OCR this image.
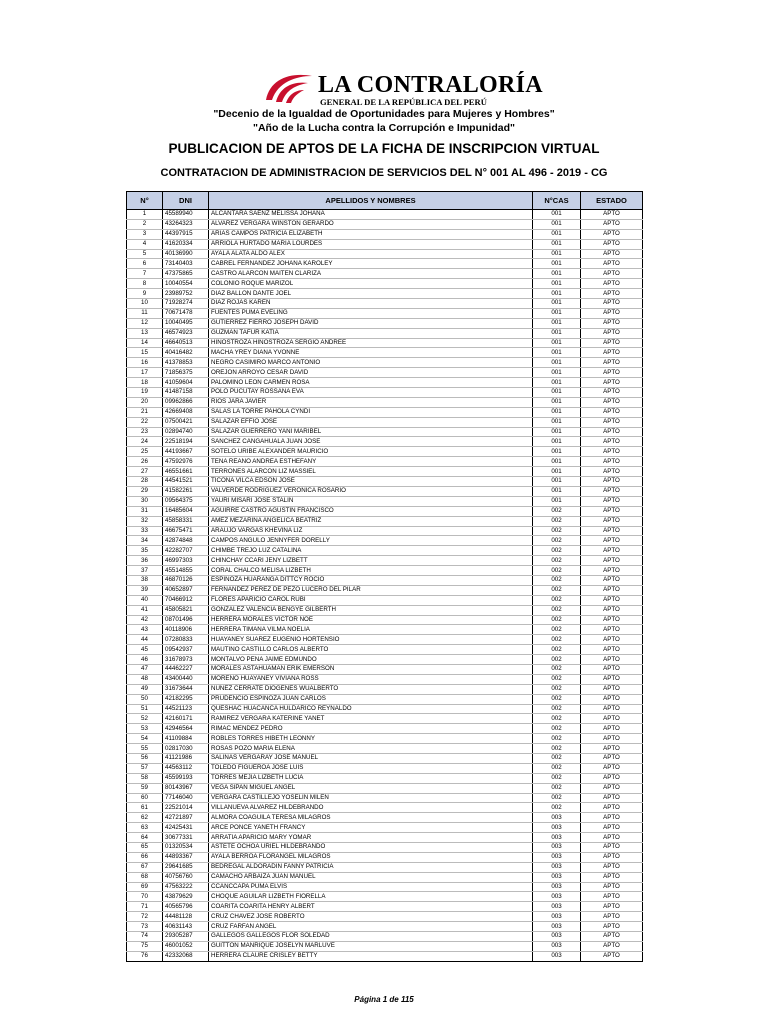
LA CONTRALORÍA
GENERAL DE LA REPÚBLICA DEL PERÚ
"Decenio de la Igualdad de Oportunidades para Mujeres y Hombres"
"Año de la Lucha contra la Corrupción e Impunidad"
PUBLICACION DE APTOS DE LA FICHA DE INSCRIPCION VIRTUAL
CONTRATACION DE ADMINISTRACION DE SERVICIOS DEL N° 001 AL 496 - 2019 - CG
N°	DNI	APELLIDOS Y NOMBRES	N°CAS	ESTADO
1	45589940	ALCANTARA SAENZ MELISSA JOHANA	001	APTO
2	43264323	ALVAREZ VERGARA WINSTON GERARDO	001	APTO
3	44397915	ARIAS CAMPOS PATRICIA ELIZABETH	001	APTO
4	41620334	ARRIOLA HURTADO MARIA LOURDES	001	APTO
5	40136990	AYALA ALATA ALDO ALEX	001	APTO
6	73140403	CABREL FERNANDEZ JOHANA KAROLEY	001	APTO
7	47375865	CASTRO ALARCON MAITEN CLARIZA	001	APTO
8	10040554	COLONIO ROQUE MARIZOL	001	APTO
9	23989752	DIAZ BALLON DANTE JOEL	001	APTO
10	71928274	DIAZ ROJAS KAREN	001	APTO
11	70671478	FUENTES PUMA EVELING	001	APTO
12	10040495	GUTIERREZ FIERRO JOSEPH DAVID	001	APTO
13	46574923	GUZMAN TAFUR KATIA	001	APTO
14	46640513	HINOSTROZA HINOSTROZA SERGIO ANDREE	001	APTO
15	40416482	MACHA YREY DIANA YVONNE	001	APTO
16	41378853	NEGRO CASIMIRO MARCO ANTONIO	001	APTO
17	71856375	OREJON ARROYO CESAR DAVID	001	APTO
18	41059604	PALOMINO LEON CARMEN ROSA	001	APTO
19	41487158	POLO PUCUTAY ROSSANA EVA	001	APTO
20	09962866	RIOS JARA JAVIER	001	APTO
21	42669408	SALAS LA TORRE PAHOLA CYNDI	001	APTO
22	07500421	SALAZAR EFFIO JOSE	001	APTO
23	02894740	SALAZAR GUERRERO YANI MARIBEL	001	APTO
24	22518194	SANCHEZ CANGAHUALA JUAN JOSE	001	APTO
25	44193667	SOTELO URIBE ALEXANDER MAURICIO	001	APTO
26	47592976	TENA REANO ANDREA ESTHEFANY	001	APTO
27	46551661	TERRONES ALARCON LIZ MASSIEL	001	APTO
28	44541521	TICONA VILCA EDSON JOSE	001	APTO
29	41582261	VALVERDE RODRIGUEZ VERONICA ROSARIO	001	APTO
30	09564375	YAURI MISARI JOSE STALIN	001	APTO
31	16485604	AGUIRRE CASTRO AGUSTIN FRANCISCO	002	APTO
32	45858331	AMEZ MEZARINA ANGELICA BEATRIZ	002	APTO
33	46675471	ARAUJO VARGAS KHEVINA LIZ	002	APTO
34	42874848	CAMPOS ANGULO JENNYFER DORELLY	002	APTO
35	42282707	CHIMBE TREJO LUZ CATALINA	002	APTO
36	46997303	CHINCHAY CCARI JENY LIZBETT	002	APTO
37	45514855	CORAL CHALCO MELISA LIZBETH	002	APTO
38	46870126	ESPINOZA HUARANGA DITTCY ROCIO	002	APTO
39	40652897	FERNANDEZ PEREZ DE PEZO LUCERO DEL PILAR	002	APTO
40	70466912	FLORES APARICIO CAROL RUBI	002	APTO
41	45805821	GONZALEZ VALENCIA BENGYE GILBERTH	002	APTO
42	08701496	HERRERA MORALES VICTOR NOE	002	APTO
43	40118906	HERRERA TIMANA VILMA NOELIA	002	APTO
44	07280833	HUAYANEY SUAREZ EUGENIO HORTENSIO	002	APTO
45	09542937	MAUTINO CASTILLO CARLOS ALBERTO	002	APTO
46	31678973	MONTALVO PENA JAIME EDMUNDO	002	APTO
47	44462227	MORALES ASTAHUAMAN ERIK EMERSON	002	APTO
48	43400440	MORENO HUAYANEY VIVIANA ROSS	002	APTO
49	31673644	NUNEZ CERRATE DIOGENES WUALBERTO	002	APTO
50	42182295	PRUDENCIO ESPINOZA JUAN CARLOS	002	APTO
51	44521123	QUESHAC HUACANCA HULDARICO REYNALDO	002	APTO
52	42160171	RAMIREZ VERGARA KATERINE YANET	002	APTO
53	42946564	RIMAC MENDEZ PEDRO	002	APTO
54	41109884	ROBLES TORRES HIBETH LEONNY	002	APTO
55	02817030	ROSAS POZO MARIA ELENA	002	APTO
56	41121986	SALINAS VERGARAY JOSE MANUEL	002	APTO
57	44563112	TOLEDO FIGUEROA JOSE LUIS	002	APTO
58	45599193	TORRES MEJIA LIZBETH LUCIA	002	APTO
59	80143967	VEGA SIPAN MIGUEL ANGEL	002	APTO
60	77146040	VERGARA CASTILLEJO YOSELIN MILEN	002	APTO
61	22521014	VILLANUEVA ALVAREZ HILDEBRANDO	002	APTO
62	42721897	ALMORA COAGUILA TERESA MILAGROS	003	APTO
63	42425431	ARCE PONCE YANETH FRANCY	003	APTO
64	30677331	ARRATIA APARICIO MARY YOMAR	003	APTO
65	01320534	ASTETE OCHOA URIEL HILDEBRANDO	003	APTO
66	44893367	AYALA BERROA FLORANGEL MILAGROS	003	APTO
67	29641685	BEDREGAL ALDORADIN FANNY PATRICIA	003	APTO
68	40756760	CAMACHO ARBAIZA JUAN MANUEL	003	APTO
69	47563222	CCANCCAPA PUMA ELVIS	003	APTO
70	43879629	CHOQUE AGUILAR LIZBETH FIORELLA	003	APTO
71	40565796	COARITA COARITA HENRY ALBERT	003	APTO
72	44481128	CRUZ CHAVEZ JOSE ROBERTO	003	APTO
73	40631143	CRUZ FARFAN ANGEL	003	APTO
74	29305287	GALLEGOS GALLEGOS FLOR SOLEDAD	003	APTO
75	46001052	GUITTON MANRIQUE JOSELYN MARLUVE	003	APTO
76	42332068	HERRERA CLAURE CRISLEY BETTY	003	APTO
Página 1 de 115
